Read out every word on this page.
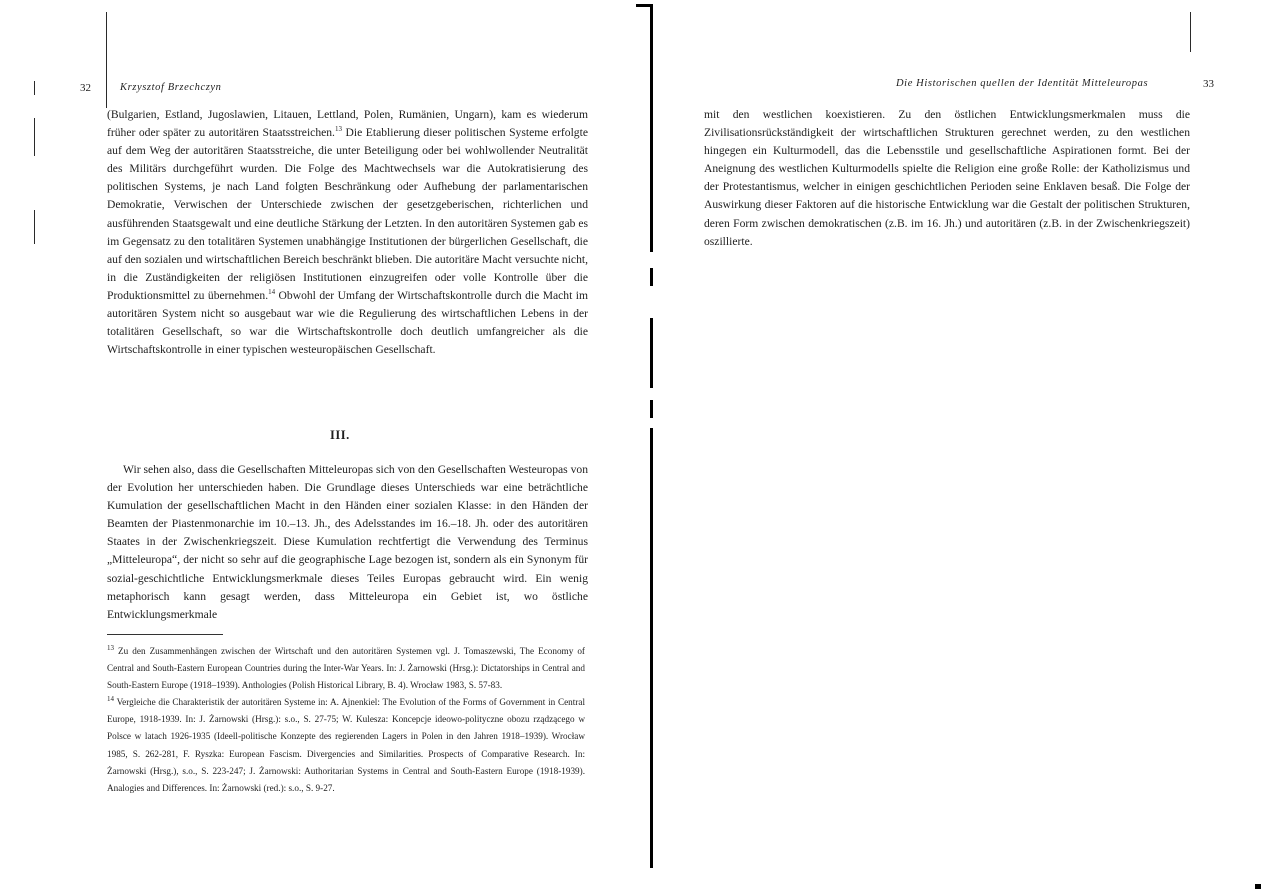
32	Krzysztof Brzechczyn

(Bulgarien, Estland, Jugoslawien, Litauen, Lettland, Polen, Rumänien, Ungarn), kam es wiederum früher oder später zu autoritären Staatsstreichen.$^{13}$ Die Etablierung dieser politischen Systeme erfolgte auf dem Weg der autoritären Staatsstreiche, die unter Beteiligung oder bei wohlwollender Neutralität des Militärs durchgeführt wurden. Die Folge des Machtwechsels war die Autokratisierung des politischen Systems, je nach Land folgten Beschränkung oder Aufhebung der parlamentarischen Demokratie, Verwischen der Unterschiede zwischen der gesetzgeberischen, richterlichen und ausführenden Staatsgewalt und eine deutliche Stärkung der Letzten. In den autoritären Systemen gab es im Gegensatz zu den totalitären Systemen unabhängige Institutionen der bürgerlichen Gesellschaft, die auf den sozialen und wirtschaftlichen Bereich beschränkt blieben. Die autoritäre Macht versuchte nicht, in die Zuständigkeiten der religiösen Institutionen einzugreifen oder volle Kontrolle über die Produktionsmittel zu übernehmen.$^{14}$ Obwohl der Umfang der Wirtschaftskontrolle durch die Macht im autoritären System nicht so ausgebaut war wie die Regulierung des wirtschaftlichen Lebens in der totalitären Gesellschaft, so war die Wirtschaftskontrolle doch deutlich umfangreicher als die Wirtschaftskontrolle in einer typischen westeuropäischen Gesellschaft.

III.

Wir sehen also, dass die Gesellschaften Mitteleuropas sich von den Gesellschaften Westeuropas von der Evolution her unterschieden haben. Die Grundlage dieses Unterschieds war eine beträchtliche Kumulation der gesellschaftlichen Macht in den Händen einer sozialen Klasse: in den Händen der Beamten der Piastenmonarchie im 10.–13. Jh., des Adelsstandes im 16.–18. Jh. oder des autoritären Staates in der Zwischenkriegszeit. Diese Kumulation rechtfertigt die Verwendung des Terminus „Mitteleuropa“, der nicht so sehr auf die geographische Lage bezogen ist, sondern als ein Synonym für sozial-geschichtliche Entwicklungsmerkmale dieses Teiles Europas gebraucht wird. Ein wenig metaphorisch kann gesagt werden, dass Mitteleuropa ein Gebiet ist, wo östliche Entwicklungsmerkmale

$^{13}$ Zu den Zusammenhängen zwischen der Wirtschaft und den autoritären Systemen vgl. J. Tomaszewski, The Economy of Central and South-Eastern European Countries during the Inter-War Years. In: J. Żarnowski (Hrsg.): Dictatorships in Central and South-Eastern Europe (1918–1939). Anthologies (Polish Historical Library, B. 4). Wrocław 1983, S. 57-83.

$^{14}$ Vergleiche die Charakteristik der autoritären Systeme in: A. Ajnenkiel: The Evolution of the Forms of Government in Central Europe, 1918-1939. In: J. Żarnowski (Hrsg.): s.o., S. 27-75; W. Kulesza: Koncepcje ideowo-polityczne obozu rządzącego w Polsce w latach 1926-1935 (Ideell-politische Konzepte des regierenden Lagers in Polen in den Jahren 1918–1939). Wrocław 1985, S. 262-281, F. Ryszka: European Fascism. Divergencies and Similarities. Prospects of Comparative Research. In: Żarnowski (Hrsg.), s.o., S. 223-247; J. Żarnowski: Authoritarian Systems in Central and South-Eastern Europe (1918-1939). Analogies and Differences. In: Żarnowski (red.): s.o., S. 9-27.

Die Historischen quellen der Identität Mitteleuropas	33

mit den westlichen koexistieren. Zu den östlichen Entwicklungsmerkmalen muss die Zivilisationsrückständigkeit der wirtschaftlichen Strukturen gerechnet werden, zu den westlichen hingegen ein Kulturmodell, das die Lebensstile und gesellschaftliche Aspirationen formt. Bei der Aneignung des westlichen Kulturmodells spielte die Religion eine große Rolle: der Katholizismus und der Protestantismus, welcher in einigen geschichtlichen Perioden seine Enklaven besaß. Die Folge der Auswirkung dieser Faktoren auf die historische Entwicklung war die Gestalt der politischen Strukturen, deren Form zwischen demokratischen (z.B. im 16. Jh.) und autoritären (z.B. in der Zwischenkriegszeit) oszillierte.
